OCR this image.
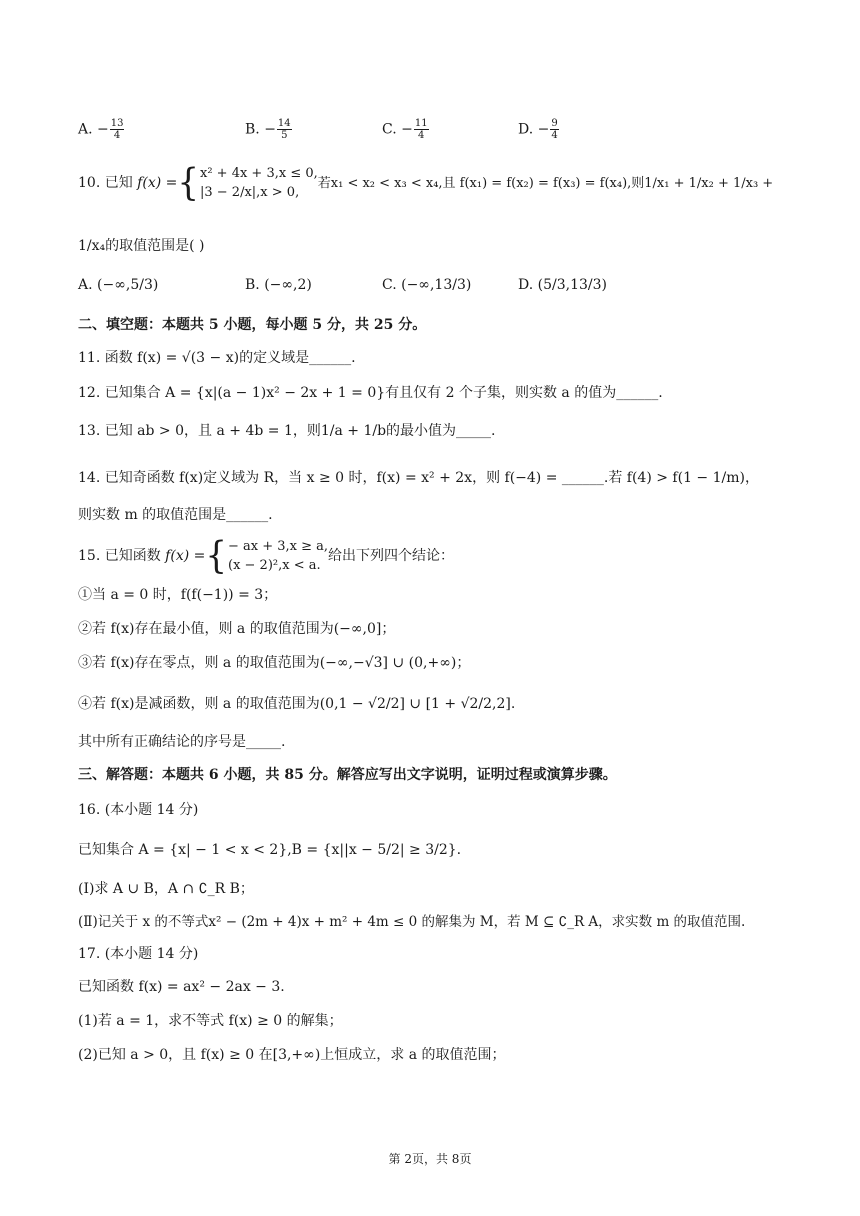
A. − $\frac{13}{4}$	B. − $\frac{14}{5}$	C. − $\frac{11}{4}$	D. − $\frac{9}{4}$
10. 已知 f(x) ={ x² + 4x + 3,x ≤ 0,
|3 − 2/x|,x > 0,
若x₁ < x₂ < x₃ < x₄,且 f(x₁) = f(x₂) = f(x₃) = f(x₄),则1/x₁ + 1/x₂ + 1/x₃ +
1/x₄的取值范围是( )
A. (−∞,5/3)	B. (−∞,2)	C. (−∞,13/3)	D. (5/3,13/3)
二、填空题：本题共 5 小题，每小题 5 分，共 25 分。
11. 函数 f(x) = √(3 − x)的定义域是______.
12. 已知集合 A = {x|(a − 1)x² − 2x + 1 = 0}有且仅有 2 个子集，则实数 a 的值为______.
13. 已知 ab > 0，且 a + 4b = 1，则1/a + 1/b的最小值为_____.
14. 已知奇函数 f(x)定义域为 R，当 x ≥ 0 时，f(x) = x² + 2x，则 f(−4) = ______.若 f(4) > f(1 − 1/m)，
则实数 m 的取值范围是______.
15. 已知函数 f(x) ={ − ax + 3,x ≥ a,
(x − 2)²,x < a.
给出下列四个结论：
①当 a = 0 时，f(f(−1)) = 3；
②若 f(x)存在最小值，则 a 的取值范围为(−∞,0]；
③若 f(x)存在零点，则 a 的取值范围为(−∞,−√3] ∪ (0,+∞)；
④若 f(x)是减函数，则 a 的取值范围为(0,1 − √2/2] ∪ [1 + √2/2,2].
其中所有正确结论的序号是_____.
三、解答题：本题共 6 小题，共 85 分。解答应写出文字说明，证明过程或演算步骤。
16. (本小题 14 分)
已知集合 A = {x| − 1 < x < 2},B = {x||x − 5/2| ≥ 3/2}.
(Ⅰ)求 A ∪ B，A ∩ ∁_R B；
(Ⅱ)记关于 x 的不等式x² − (2m + 4)x + m² + 4m ≤ 0 的解集为 M，若 M ⊆ ∁_R A，求实数 m 的取值范围.
17. (本小题 14 分)
已知函数 f(x) = ax² − 2ax − 3.
(1)若 a = 1，求不等式 f(x) ≥ 0 的解集；
(2)已知 a > 0，且 f(x) ≥ 0 在[3,+∞)上恒成立，求 a 的取值范围；
第 2页，共 8页
